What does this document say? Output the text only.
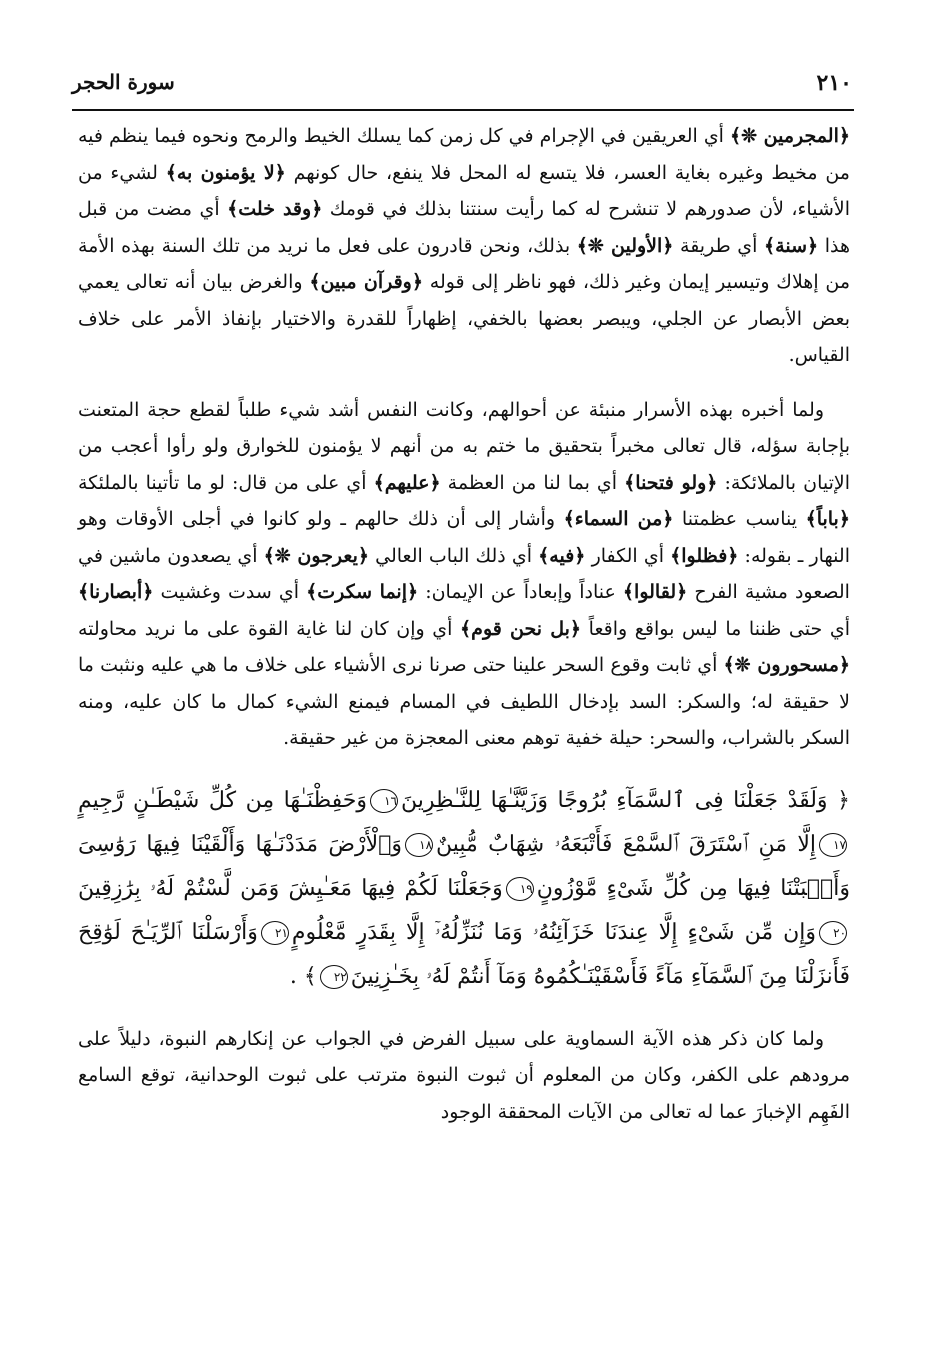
٢١٠
سورة الحجر

﴿المجرمين ❊﴾ أي العريقين في الإجرام في كل زمن كما يسلك الخيط والرمح ونحوه فيما ينظم فيه من مخيط وغيره بغاية العسر، فلا يتسع له المحل فلا ينفع، حال كونهم ﴿لا يؤمنون به﴾ لشيء من الأشياء، لأن صدورهم لا تنشرح له كما رأيت سنتنا بذلك في قومك ﴿وقد خلت﴾ أي مضت من قبل هذا ﴿سنة﴾ أي طريقة ﴿الأولين ❊﴾ بذلك، ونحن قادرون على فعل ما نريد من تلك السنة بهذه الأمة من إهلاك وتيسير إيمان وغير ذلك، فهو ناظر إلى قوله ﴿وقرآن مبين﴾ والغرض بيان أنه تعالى يعمي بعض الأبصار عن الجلي، ويبصر بعضها بالخفي، إظهاراً للقدرة والاختيار بإنفاذ الأمر على خلاف القياس.

ولما أخبره بهذه الأسرار منبئة عن أحوالهم، وكانت النفس أشد شيء طلباً لقطع حجة المتعنت بإجابة سؤله، قال تعالى مخبراً بتحقيق ما ختم به من أنهم لا يؤمنون للخوارق ولو رأوا أعجب من الإتيان بالملائكة: ﴿ولو فتحنا﴾ أي بما لنا من العظمة ﴿عليهم﴾ أي على من قال: لو ما تأتينا بالملئكة ﴿باباً﴾ يناسب عظمتنا ﴿من السماء﴾ وأشار إلى أن ذلك حالهم ـ ولو كانوا في أجلى الأوقات وهو النهار ـ بقوله: ﴿فظلوا﴾ أي الكفار ﴿فيه﴾ أي ذلك الباب العالي ﴿يعرجون ❊﴾ أي يصعدون ماشين في الصعود مشية الفرح ﴿لقالوا﴾ عناداً وإبعاداً عن الإيمان: ﴿إنما سكرت﴾ أي سدت وغشيت ﴿أبصارنا﴾ أي حتى ظننا ما ليس بواقع واقعاً ﴿بل نحن قوم﴾ أي وإن كان لنا غاية القوة على ما نريد محاولته ﴿مسحورون ❊﴾ أي ثابت وقوع السحر علينا حتى صرنا نرى الأشياء على خلاف ما هي عليه ونثبت ما لا حقيقة له؛ والسكر: السد بإدخال اللطيف في المسام فيمنع الشيء كمال ما كان عليه، ومنه السكر بالشراب، والسحر: حيلة خفية توهم معنى المعجزة من غير حقيقة.

﴿ وَلَقَدْ جَعَلْنَا فِى ٱلسَّمَآءِ بُرُوجًا وَزَيَّنَّـٰهَا لِلنَّـٰظِرِينَ١٦وَحَفِظْنَـٰهَا مِن كُلِّ شَيْطَـٰنٍ رَّجِيمٍ١٧إِلَّا مَنِ ٱسْتَرَقَ ٱلسَّمْعَ فَأَتْبَعَهُۥ شِهَابٌ مُّبِينٌ١٨وَٱلْأَرْضَ مَدَدْنَـٰهَا وَأَلْقَيْنَا فِيهَا رَوَٰسِىَ وَأَنۢبَتْنَا فِيهَا مِن كُلِّ شَىْءٍ مَّوْزُونٍ١٩وَجَعَلْنَا لَكُمْ فِيهَا مَعَـٰيِشَ وَمَن لَّسْتُمْ لَهُۥ بِرَٰزِقِينَ٢٠وَإِن مِّن شَىْءٍ إِلَّا عِندَنَا خَزَآئِنُهُۥ وَمَا نُنَزِّلُهُۥٓ إِلَّا بِقَدَرٍ مَّعْلُومٍ٢١وَأَرْسَلْنَا ٱلرِّيَـٰحَ لَوَٰقِحَ فَأَنزَلْنَا مِنَ ٱلسَّمَآءِ مَآءً فَأَسْقَيْنَـٰكُمُوهُ وَمَآ أَنتُمْ لَهُۥ بِخَـٰزِنِينَ٢٢﴾ .

ولما كان ذكر هذه الآية السماوية على سبيل الفرض في الجواب عن إنكارهم النبوة، دليلاً على مرودهم على الكفر، وكان من المعلوم أن ثبوت النبوة مترتب على ثبوت الوحدانية، توقع السامع الفَهِم الإخبارَ عما له تعالى من الآيات المحققة الوجود
